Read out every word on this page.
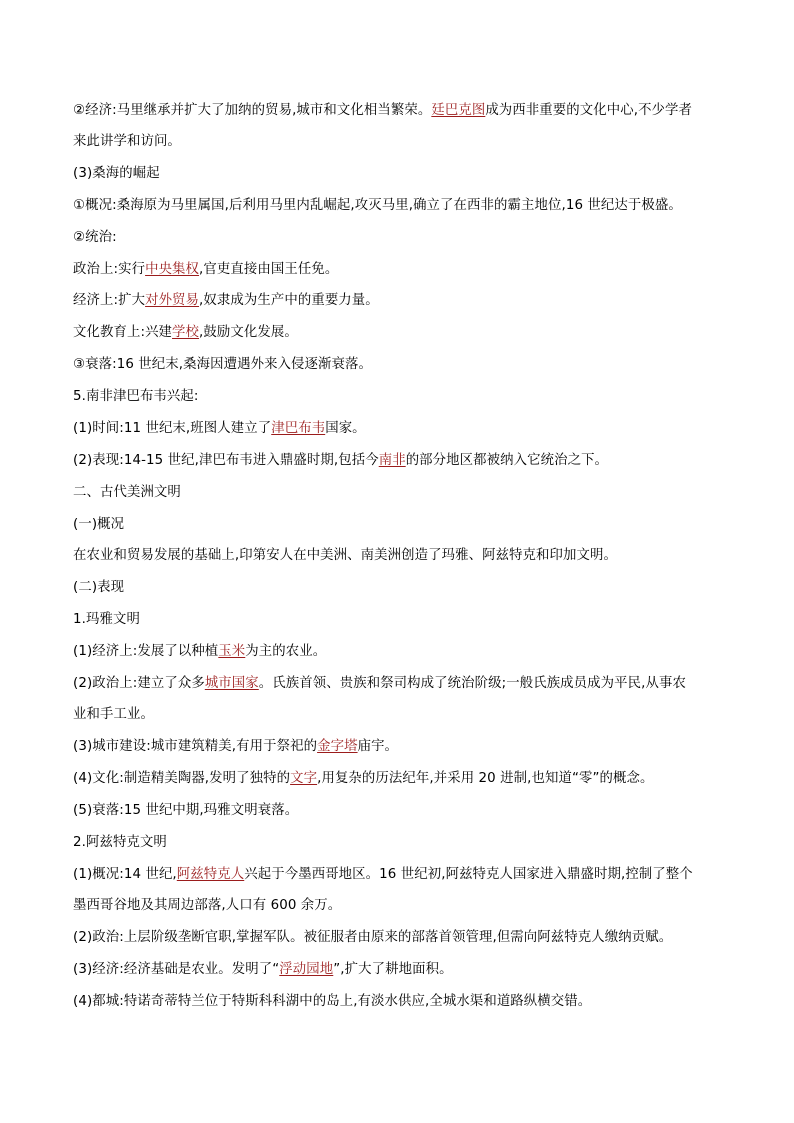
②经济:马里继承并扩大了加纳的贸易,城市和文化相当繁荣。廷巴克图成为西非重要的文化中心,不少学者
来此讲学和访问。
(3)桑海的崛起
①概况:桑海原为马里属国,后利用马里内乱崛起,攻灭马里,确立了在西非的霸主地位,16 世纪达于极盛。
②统治:
政治上:实行中央集权,官吏直接由国王任免。
经济上:扩大对外贸易,奴隶成为生产中的重要力量。
文化教育上:兴建学校,鼓励文化发展。
③衰落:16 世纪末,桑海因遭遇外来入侵逐渐衰落。
5.南非津巴布韦兴起:
(1)时间:11 世纪末,班图人建立了津巴布韦国家。
(2)表现:14-15 世纪,津巴布韦进入鼎盛时期,包括今南非的部分地区都被纳入它统治之下。
二、古代美洲文明
(一)概况
在农业和贸易发展的基础上,印第安人在中美洲、南美洲创造了玛雅、阿兹特克和印加文明。
(二)表现
1.玛雅文明
(1)经济上:发展了以种植玉米为主的农业。
(2)政治上:建立了众多城市国家。氏族首领、贵族和祭司构成了统治阶级;一般氏族成员成为平民,从事农
业和手工业。
(3)城市建设:城市建筑精美,有用于祭祀的金字塔庙宇。
(4)文化:制造精美陶器,发明了独特的文字,用复杂的历法纪年,并采用 20 进制,也知道“零”的概念。
(5)衰落:15 世纪中期,玛雅文明衰落。
2.阿兹特克文明
(1)概况:14 世纪,阿兹特克人兴起于今墨西哥地区。16 世纪初,阿兹特克人国家进入鼎盛时期,控制了整个
墨西哥谷地及其周边部落,人口有 600 余万。
(2)政治:上层阶级垄断官职,掌握军队。被征服者由原来的部落首领管理,但需向阿兹特克人缴纳贡赋。
(3)经济:经济基础是农业。发明了“浮动园地”,扩大了耕地面积。
(4)都城:特诺奇蒂特兰位于特斯科科湖中的岛上,有淡水供应,全城水渠和道路纵横交错。
